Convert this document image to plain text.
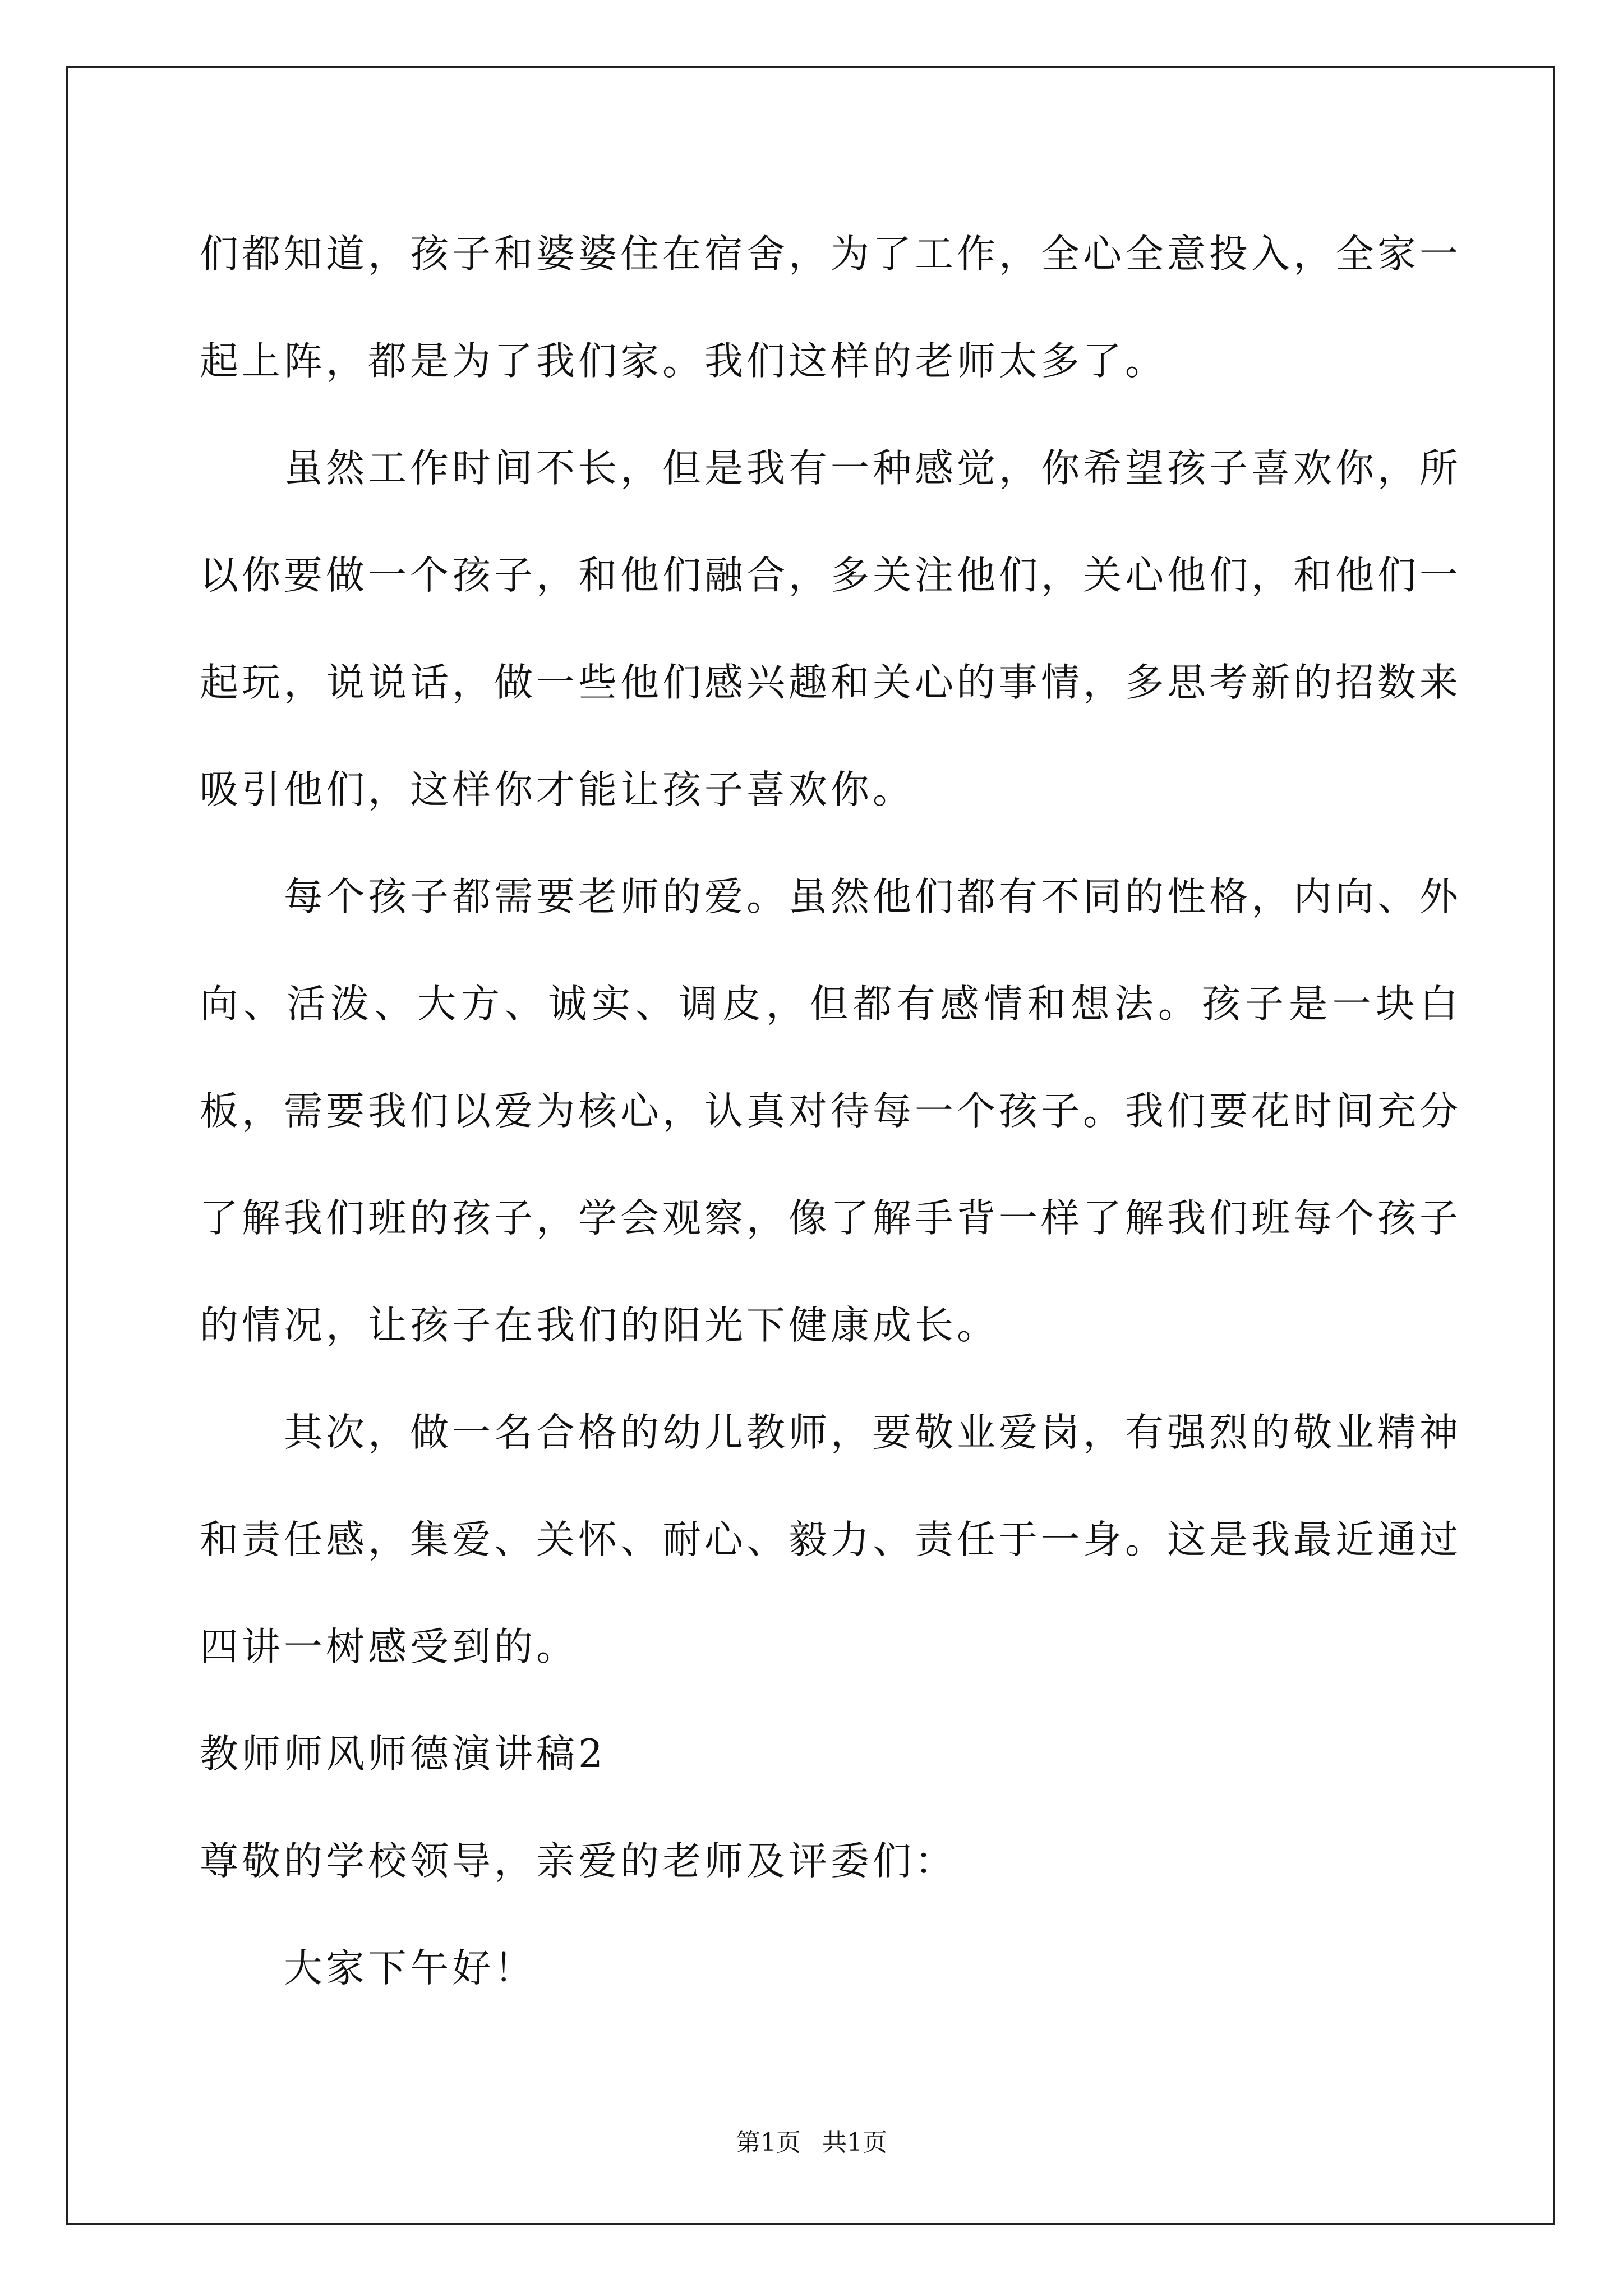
们都知道，孩子和婆婆住在宿舍，为了工作，全心全意投入，全家一起上阵，都是为了我们家。我们这样的老师太多了。

虽然工作时间不长，但是我有一种感觉，你希望孩子喜欢你，所以你要做一个孩子，和他们融合，多关注他们，关心他们，和他们一起玩，说说话，做一些他们感兴趣和关心的事情，多思考新的招数来吸引他们，这样你才能让孩子喜欢你。

每个孩子都需要老师的爱。虽然他们都有不同的性格，内向、外向、活泼、大方、诚实、调皮，但都有感情和想法。孩子是一块白板，需要我们以爱为核心，认真对待每一个孩子。我们要花时间充分了解我们班的孩子，学会观察，像了解手背一样了解我们班每个孩子的情况，让孩子在我们的阳光下健康成长。

其次，做一名合格的幼儿教师，要敬业爱岗，有强烈的敬业精神和责任感，集爱、关怀、耐心、毅力、责任于一身。这是我最近通过四讲一树感受到的。

教师师风师德演讲稿2

尊敬的学校领导，亲爱的老师及评委们：

大家下午好！

第1页 共1页
